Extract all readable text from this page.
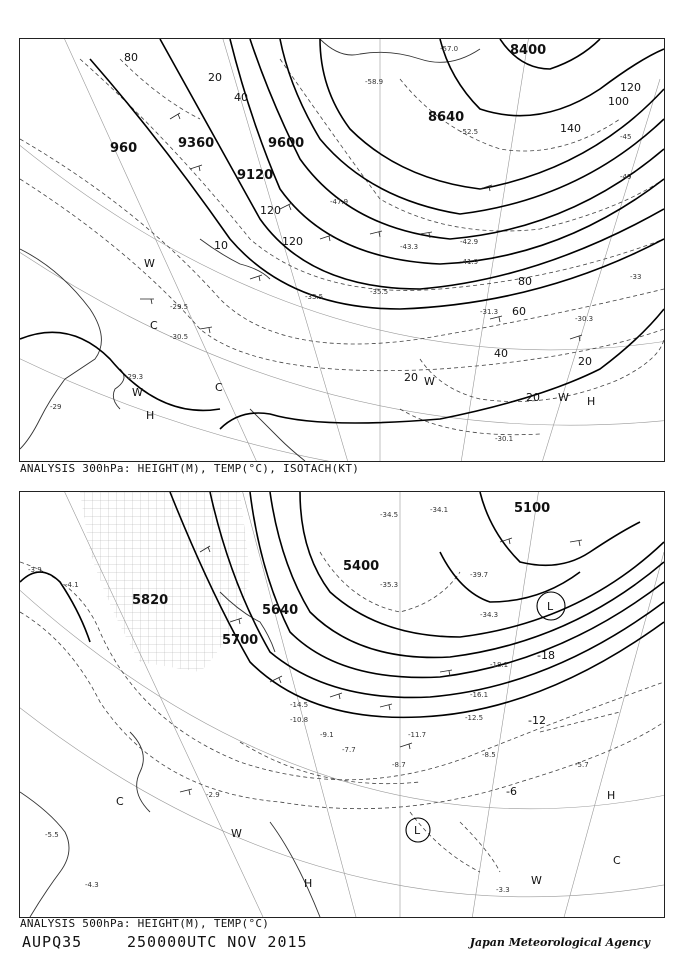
8400
8640
9120
9360	9600
960
80
20
40
120
100
120
140
120
80
60
40
20
20
10
20
-58.9
-57.0
-52.5
-45
-49
-43.3
-41.9
-33
-35.5
-33.5
-31.3
-30.3
-29.5
-30.5
-29.3
-30.1
-29
-47.9
-42.9
W
C
W
H
C	W
H
W
ANALYSIS 300hPa: HEIGHT(M), TEMP(°C), ISOTACH(KT)
5100
5820
5700
5640
5400
-18
-12
-6
-34.1
-34.5
-39.7
-35.3
-34.3
-18.1
-16.1
-12.5
-8.5
-5.7
-8.7
-3.3
-2.9
-4.3
-5.5
-3.9
-4.1
-10.8
-14.5
-11.7
-7.7
-9.1
L
C
W	L
H	W
C
H
ANALYSIS 500hPa: HEIGHT(M), TEMP(°C)
AUPQ35	250000UTC NOV 2015	Japan Meteorological Agency
